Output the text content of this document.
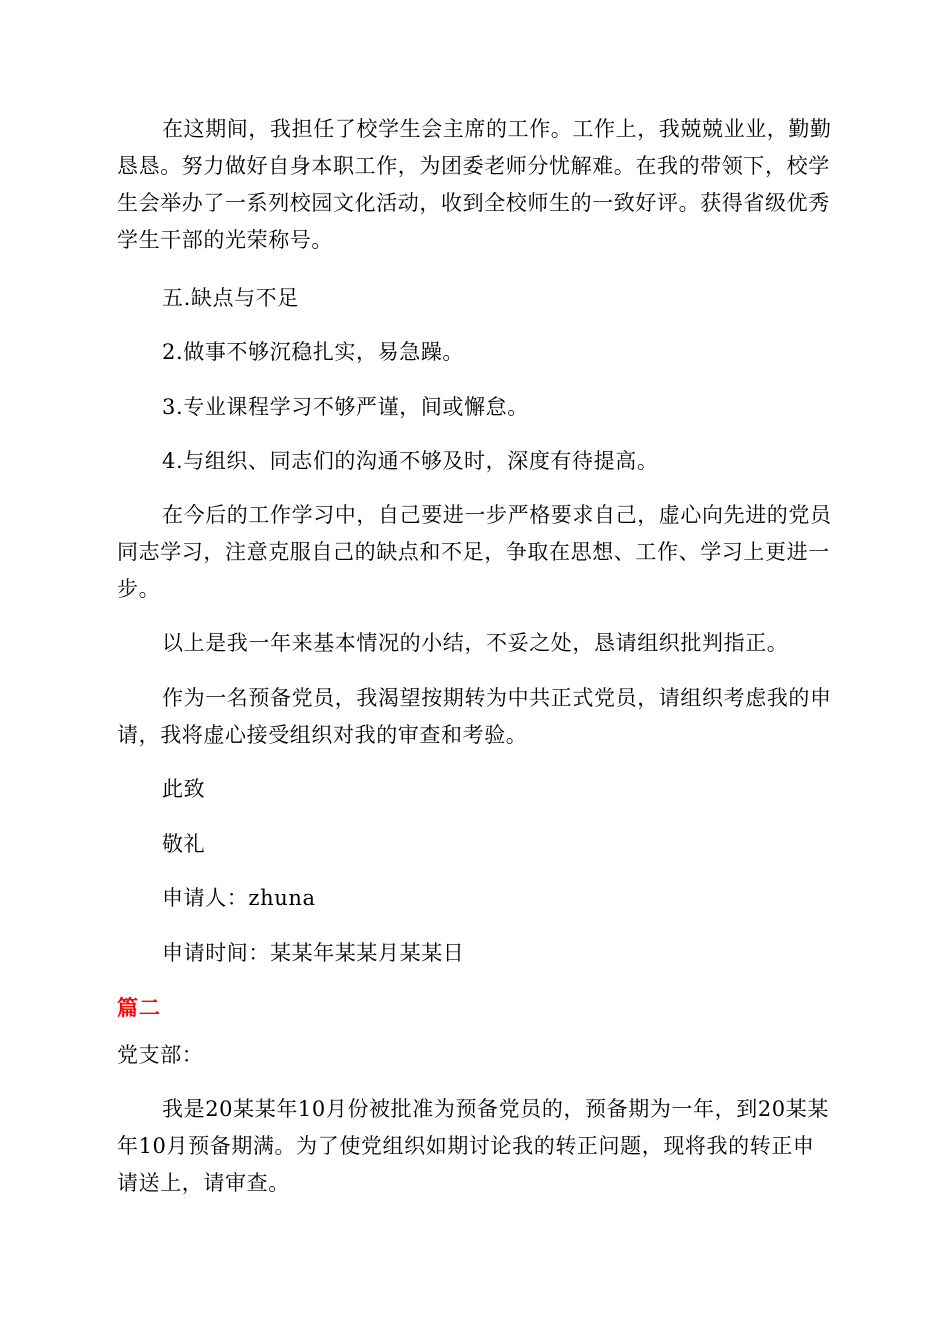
在这期间，我担任了校学生会主席的工作。工作上，我兢兢业业，勤勤恳恳。努力做好自身本职工作，为团委老师分忧解难。在我的带领下，校学生会举办了一系列校园文化活动，收到全校师生的一致好评。获得省级优秀学生干部的光荣称号。

五.缺点与不足

2.做事不够沉稳扎实，易急躁。

3.专业课程学习不够严谨，间或懈怠。

4.与组织、同志们的沟通不够及时，深度有待提高。

在今后的工作学习中，自己要进一步严格要求自己，虚心向先进的党员同志学习，注意克服自己的缺点和不足，争取在思想、工作、学习上更进一步。

以上是我一年来基本情况的小结，不妥之处，恳请组织批判指正。

作为一名预备党员，我渴望按期转为中共正式党员，请组织考虑我的申请，我将虚心接受组织对我的审查和考验。

此致

敬礼

申请人：zhuna

申请时间：某某年某某月某某日

篇二

党支部：

我是20某某年10月份被批准为预备党员的，预备期为一年，到20某某年10月预备期满。为了使党组织如期讨论我的转正问题，现将我的转正申请送上，请审查。
